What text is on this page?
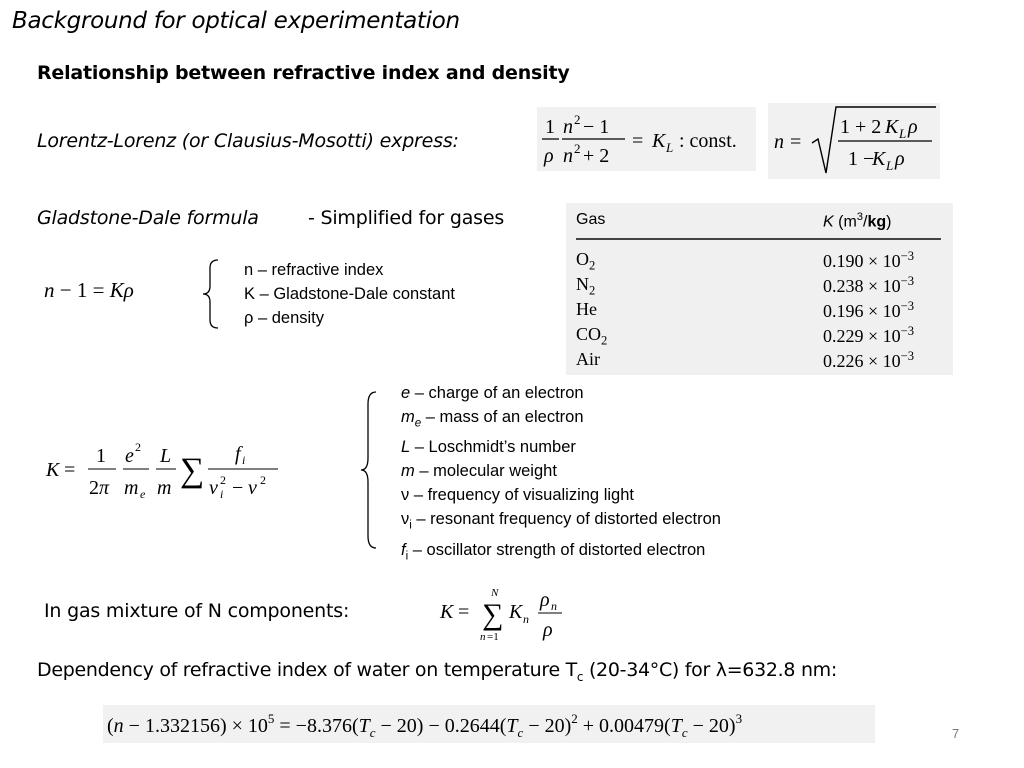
Background for optical experimentation
Relationship between refractive index and density
Lorentz-Lorenz (or Clausius-Mosotti) express:
1
ρ
n 2 − 1
n 2 + 2
= K L : const. n =
1 + 2 K L ρ
1 −
K L ρ
Gladstone-Dale formula	- Simplified for gases
n − 1 = Kρ
n – refractive index
K – Gladstone-Dale constant
ρ – density
Gas	K $(m^3/kg)$
$O_2$	$0.190 \times 10^{-3}$
$N_2$	$0.238 \times 10^{-3}$
He	$0.196 \times 10^{-3}$
$CO_2$	$0.229 \times 10^{-3}$
Air	$0.226 \times 10^{-3}$
K =
1
2 π
e 2
m e
L
m ∑ f i
ν 2
i − ν 2
e – charge of an electron
$m_e$ – mass of an electron
L – Loschmidt’s number
m – molecular weight
ν – frequency of visualizing light
$\nu_i$ – resonant frequency of distorted electron
$f_i$ – oscillator strength of distorted electron
In gas mixture of N components:	K =
N
∑
n =1
K n
ρ n
ρ
Dependency of refractive index of water on temperature $T_c$ (20-34°C) for λ=632.8 nm:
$(n - 1.332156) \times 10^5 = -8.376(T_c - 20) - 0.2644(T_c - 20)^2 + 0.00479(T_c - 20)^3$
7
